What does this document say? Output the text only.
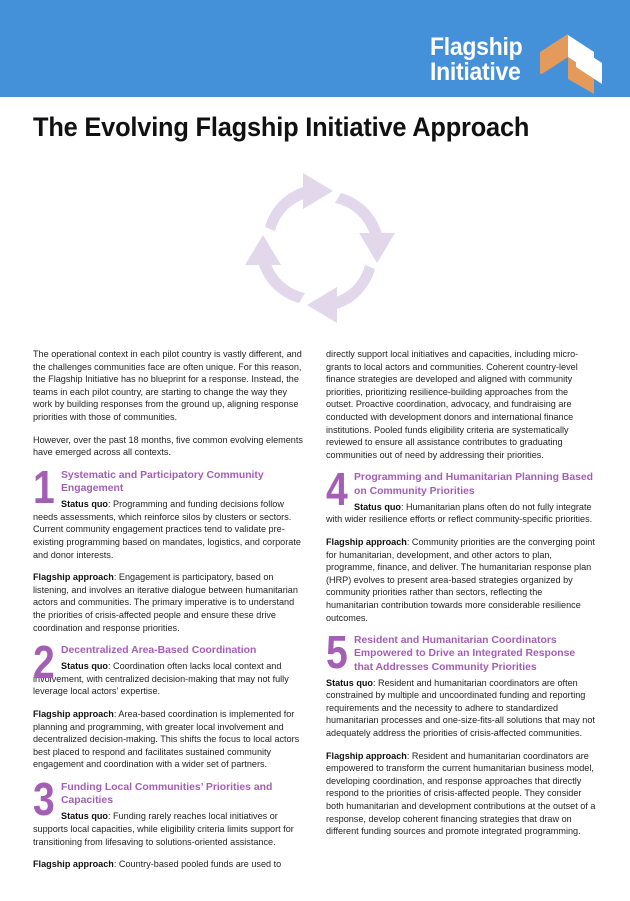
Flagship
Initiative
The Evolving Flagship Initiative Approach

The operational context in each pilot country is vastly different, and the challenges communities face are often unique. For this reason, the Flagship Initiative has no blueprint for a response. Instead, the teams in each pilot country, are starting to change the way they work by building responses from the ground up, aligning response priorities with those of communities.

However, over the past 18 months, five common evolving elements have emerged across all contexts.

1 Systematic and Participatory Community Engagement

Status quo: Programming and funding decisions follow needs assessments, which reinforce silos by clusters or sectors. Current community engagement practices tend to validate pre-existing programming based on mandates, logistics, and corporate and donor interests.

Flagship approach: Engagement is participatory, based on listening, and involves an iterative dialogue between humanitarian actors and communities. The primary imperative is to understand the priorities of crisis-affected people and ensure these drive coordination and response priorities.

2 Decentralized Area-Based Coordination

Status quo: Coordination often lacks local context and involvement, with centralized decision-making that may not fully leverage local actors’ expertise.

Flagship approach: Area-based coordination is implemented for planning and programming, with greater local involvement and decentralized decision-making. This shifts the focus to local actors best placed to respond and facilitates sustained community engagement and coordination with a wider set of partners.

3 Funding Local Communities’ Priorities and Capacities

Status quo: Funding rarely reaches local initiatives or supports local capacities, while eligibility criteria limits support for transitioning from lifesaving to solutions-oriented assistance.

Flagship approach: Country-based pooled funds are used to

directly support local initiatives and capacities, including micro-grants to local actors and communities. Coherent country-level finance strategies are developed and aligned with community priorities, prioritizing resilience-building approaches from the outset. Proactive coordination, advocacy, and fundraising are conducted with development donors and international finance institutions. Pooled funds eligibility criteria are systematically reviewed to ensure all assistance contributes to graduating communities out of need by addressing their priorities.

4 Programming and Humanitarian Planning Based on Community Priorities

Status quo: Humanitarian plans often do not fully integrate with wider resilience efforts or reflect community-specific priorities.

Flagship approach: Community priorities are the converging point for humanitarian, development, and other actors to plan, programme, finance, and deliver. The humanitarian response plan (HRP) evolves to present area-based strategies organized by community priorities rather than sectors, reflecting the humanitarian contribution towards more considerable resilience outcomes.

5 Resident and Humanitarian Coordinators Empowered to Drive an Integrated Response that Addresses Community Priorities

Status quo: Resident and humanitarian coordinators are often constrained by multiple and uncoordinated funding and reporting requirements and the necessity to adhere to standardized humanitarian processes and one-size-fits-all solutions that may not adequately address the priorities of crisis-affected communities.

Flagship approach: Resident and humanitarian coordinators are empowered to transform the current humanitarian business model, developing coordination, and response approaches that directly respond to the priorities of crisis-affected people. They consider both humanitarian and development contributions at the outset of a response, develop coherent financing strategies that draw on different funding sources and promote integrated programming.
